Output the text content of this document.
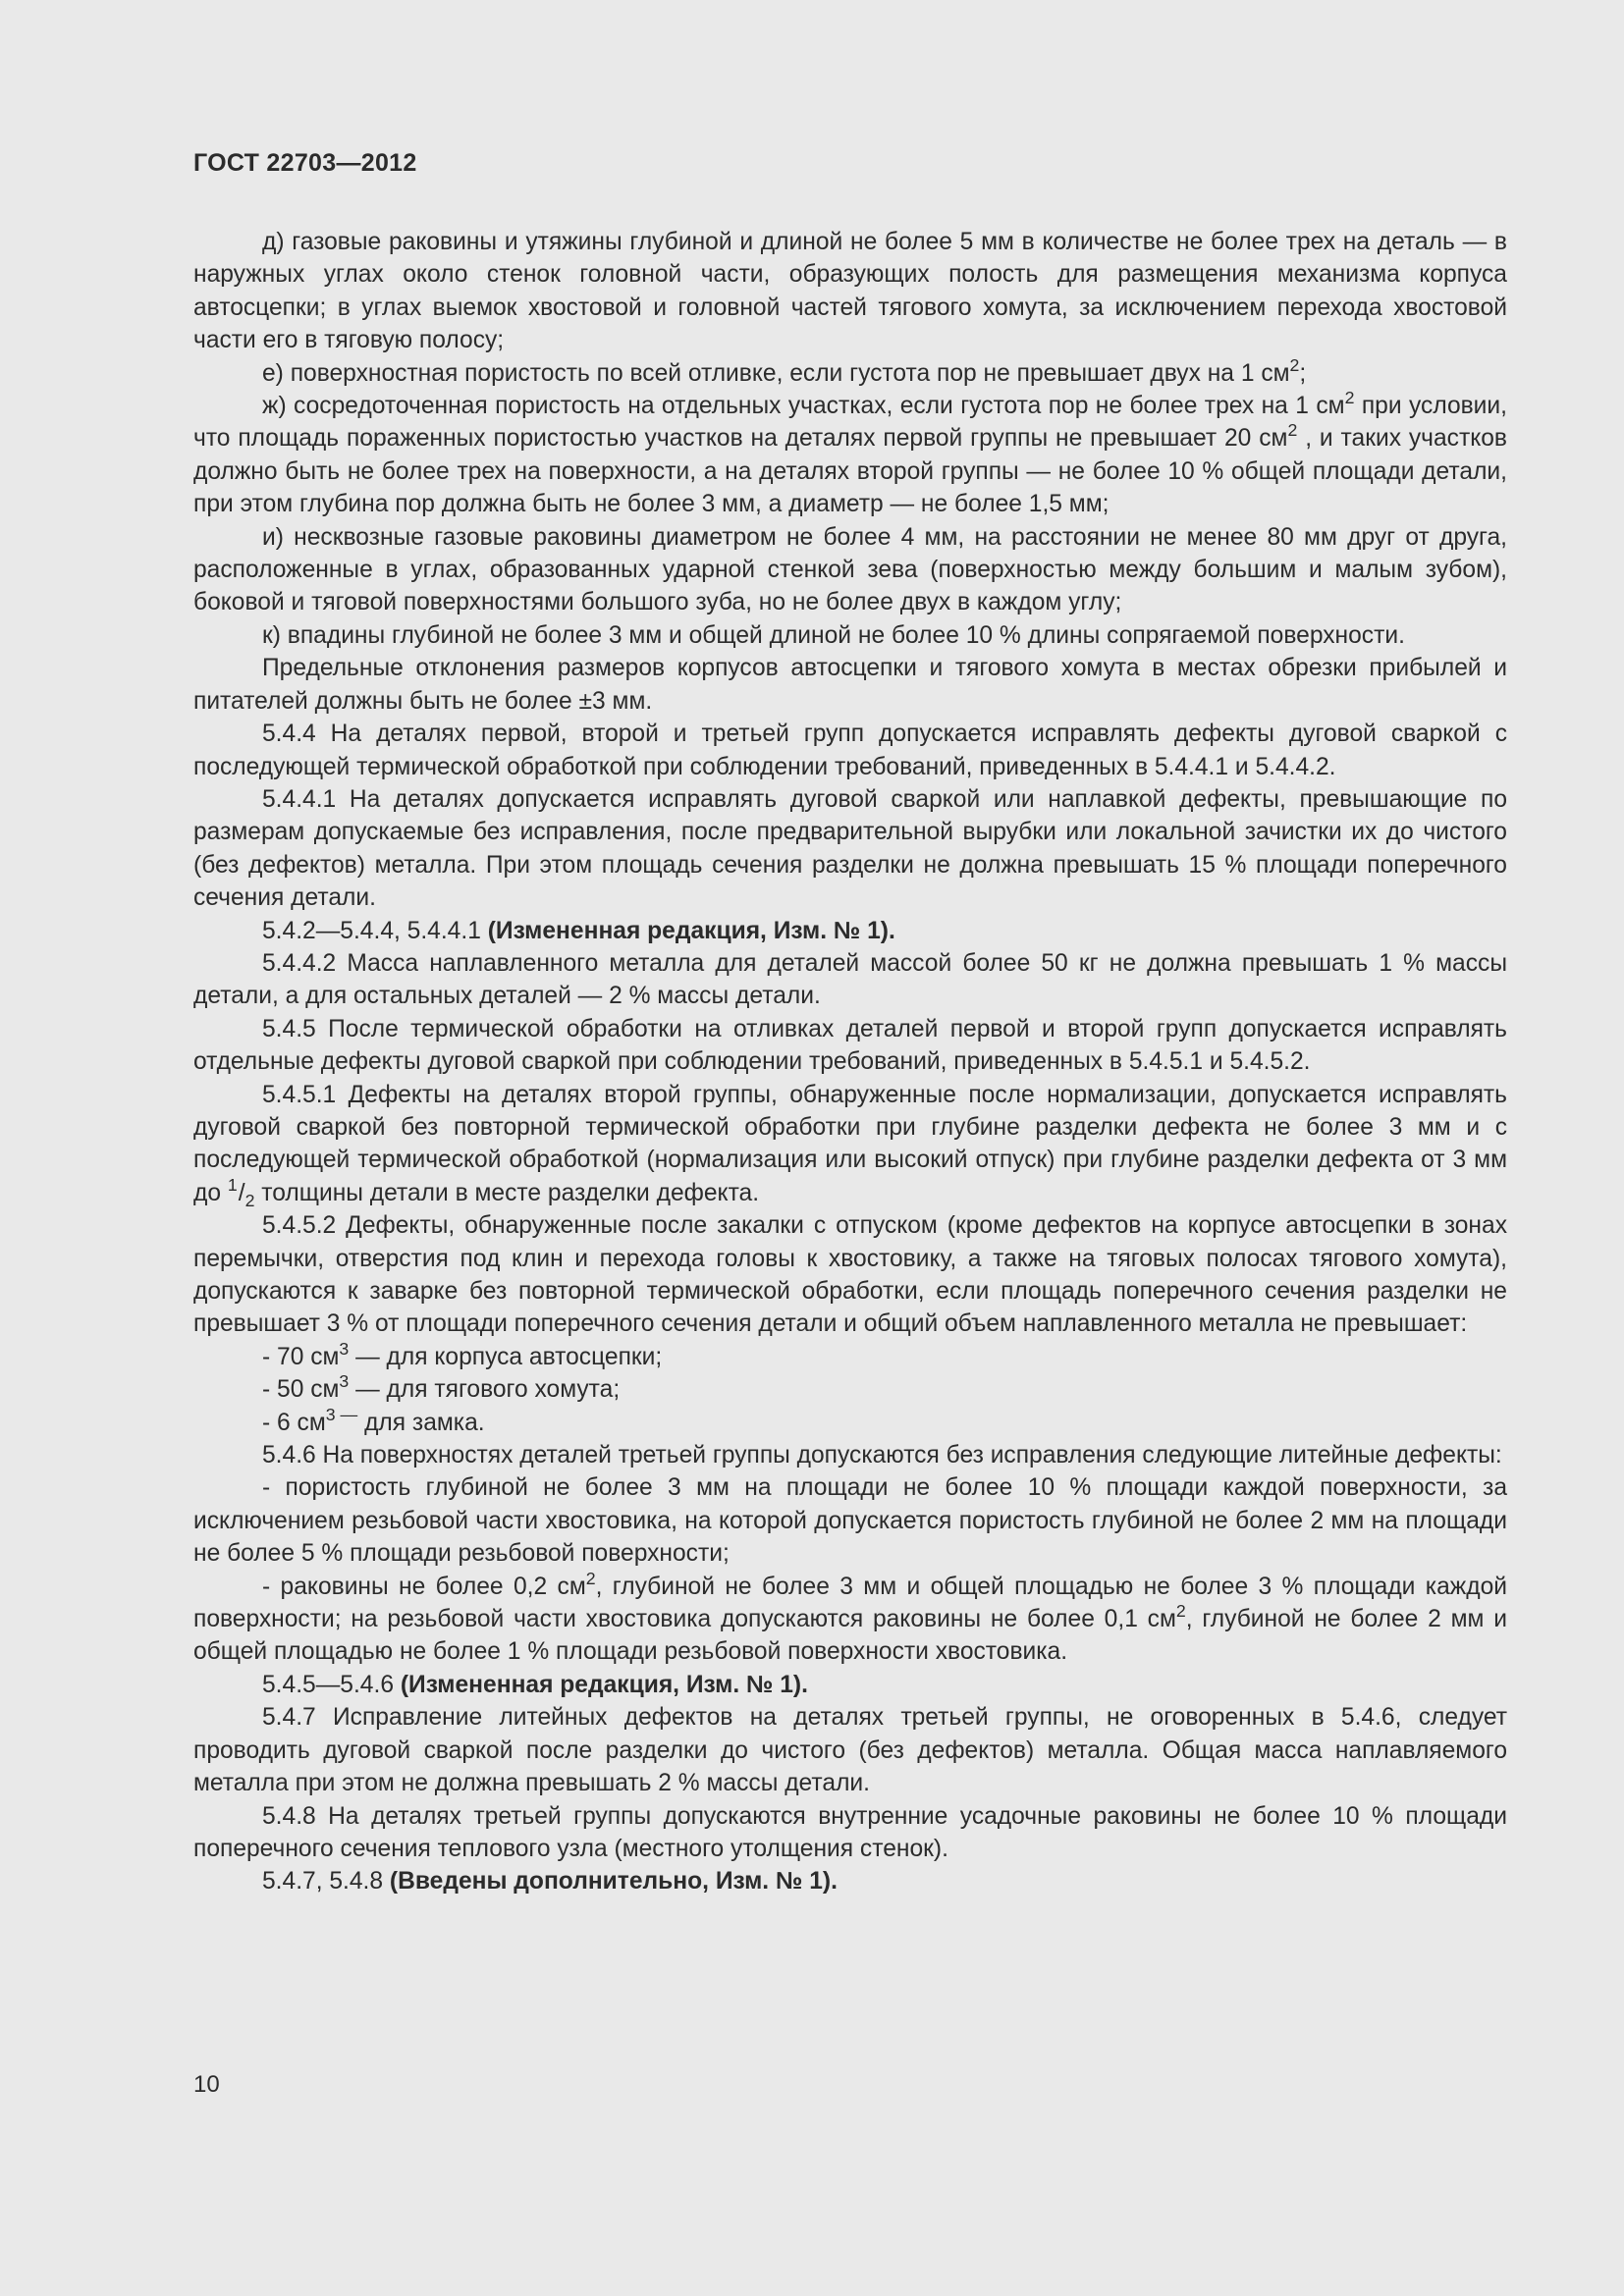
ГОСТ 22703—2012

д) газовые раковины и утяжины глубиной и длиной не более 5 мм в количестве не более трех на деталь — в наружных углах около стенок головной части, образующих полость для размещения механизма корпуса автосцепки; в углах выемок хвостовой и головной частей тягового хомута, за исключением перехода хвостовой части его в тяговую полосу;

е) поверхностная пористость по всей отливке, если густота пор не превышает двух на 1 $см^2$;

ж) сосредоточенная пористость на отдельных участках, если густота пор не более трех на 1 $см^2$ при условии, что площадь пораженных пористостью участков на деталях первой группы не превышает 20 $см^2$ , и таких участков должно быть не более трех на поверхности, а на деталях второй группы — не более 10 % общей площади детали, при этом глубина пор должна быть не более 3 мм, а диаметр — не более 1,5 мм;

и) несквозные газовые раковины диаметром не более 4 мм, на расстоянии не менее 80 мм друг от друга, расположенные в углах, образованных ударной стенкой зева (поверхностью между большим и малым зубом), боковой и тяговой поверхностями большого зуба, но не более двух в каждом углу;

к) впадины глубиной не более 3 мм и общей длиной не более 10 % длины сопрягаемой поверхности.

Предельные отклонения размеров корпусов автосцепки и тягового хомута в местах обрезки прибылей и питателей должны быть не более ±3 мм.

5.4.4 На деталях первой, второй и третьей групп допускается исправлять дефекты дуговой сваркой с последующей термической обработкой при соблюдении требований, приведенных в 5.4.4.1 и 5.4.4.2.

5.4.4.1 На деталях допускается исправлять дуговой сваркой или наплавкой дефекты, превышающие по размерам допускаемые без исправления, после предварительной вырубки или локальной зачистки их до чистого (без дефектов) металла. При этом площадь сечения разделки не должна превышать 15 % площади поперечного сечения детали.

5.4.2—5.4.4, 5.4.4.1 (Измененная редакция, Изм. № 1).

5.4.4.2 Масса наплавленного металла для деталей массой более 50 кг не должна превышать 1 % массы детали, а для остальных деталей — 2 % массы детали.

5.4.5 После термической обработки на отливках деталей первой и второй групп допускается исправлять отдельные дефекты дуговой сваркой при соблюдении требований, приведенных в 5.4.5.1 и 5.4.5.2.

5.4.5.1 Дефекты на деталях второй группы, обнаруженные после нормализации, допускается исправлять дуговой сваркой без повторной термической обработки при глубине разделки дефекта не более 3 мм и с последующей термической обработкой (нормализация или высокий отпуск) при глубине разделки дефекта от 3 мм до $^1/_2$ толщины детали в месте разделки дефекта.

5.4.5.2 Дефекты, обнаруженные после закалки с отпуском (кроме дефектов на корпусе автосцепки в зонах перемычки, отверстия под клин и перехода головы к хвостовику, а также на тяговых полосах тягового хомута), допускаются к заварке без повторной термической обработки, если площадь поперечного сечения разделки не превышает 3 % от площади поперечного сечения детали и общий объем наплавленного металла не превышает:

- 70 $см^3$ — для корпуса автосцепки;

- 50 $см^3$ — для тягового хомута;

- 6 $см^3$ — для замка.

5.4.6 На поверхностях деталей третьей группы допускаются без исправления следующие литейные дефекты:

- пористость глубиной не более 3 мм на площади не более 10 % площади каждой поверхности, за исключением резьбовой части хвостовика, на которой допускается пористость глубиной не более 2 мм на площади не более 5 % площади резьбовой поверхности;

- раковины не более 0,2 $см^2$, глубиной не более 3 мм и общей площадью не более 3 % площади каждой поверхности; на резьбовой части хвостовика допускаются раковины не более 0,1 $см^2$, глубиной не более 2 мм и общей площадью не более 1 % площади резьбовой поверхности хвостовика.

5.4.5—5.4.6 (Измененная редакция, Изм. № 1).

5.4.7 Исправление литейных дефектов на деталях третьей группы, не оговоренных в 5.4.6, следует проводить дуговой сваркой после разделки до чистого (без дефектов) металла. Общая масса наплавляемого металла при этом не должна превышать 2 % массы детали.

5.4.8 На деталях третьей группы допускаются внутренние усадочные раковины не более 10 % площади поперечного сечения теплового узла (местного утолщения стенок).

5.4.7, 5.4.8 (Введены дополнительно, Изм. № 1).

10
